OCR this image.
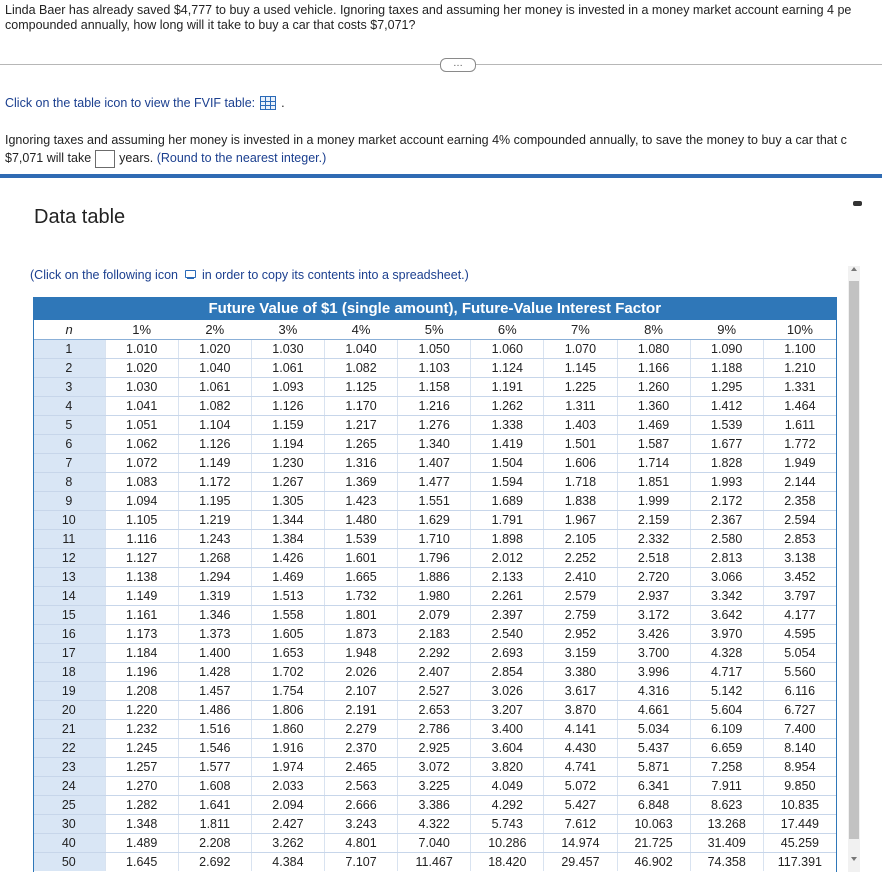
Linda Baer has already saved $4,777 to buy a used vehicle. Ignoring taxes and assuming her money is invested in a money market account earning 4 pe
compounded annually, how long will it take to buy a car that costs $7,071?
…
Click on the table icon to view the FVIF table: .
Ignoring taxes and assuming her money is invested in a money market account earning 4% compounded annually, to save the money to buy a car that c
$7,071 will take years. (Round to the nearest integer.)
Data table
(Click on the following icon in order to copy its contents into a spreadsheet.)
Future Value of $1 (single amount), Future-Value Interest Factor										
n	1%	2%	3%	4%	5%	6%	7%	8%	9%	10%
1	1.010	1.020	1.030	1.040	1.050	1.060	1.070	1.080	1.090	1.100
2	1.020	1.040	1.061	1.082	1.103	1.124	1.145	1.166	1.188	1.210
3	1.030	1.061	1.093	1.125	1.158	1.191	1.225	1.260	1.295	1.331
4	1.041	1.082	1.126	1.170	1.216	1.262	1.311	1.360	1.412	1.464
5	1.051	1.104	1.159	1.217	1.276	1.338	1.403	1.469	1.539	1.611
6	1.062	1.126	1.194	1.265	1.340	1.419	1.501	1.587	1.677	1.772
7	1.072	1.149	1.230	1.316	1.407	1.504	1.606	1.714	1.828	1.949
8	1.083	1.172	1.267	1.369	1.477	1.594	1.718	1.851	1.993	2.144
9	1.094	1.195	1.305	1.423	1.551	1.689	1.838	1.999	2.172	2.358
10	1.105	1.219	1.344	1.480	1.629	1.791	1.967	2.159	2.367	2.594
11	1.116	1.243	1.384	1.539	1.710	1.898	2.105	2.332	2.580	2.853
12	1.127	1.268	1.426	1.601	1.796	2.012	2.252	2.518	2.813	3.138
13	1.138	1.294	1.469	1.665	1.886	2.133	2.410	2.720	3.066	3.452
14	1.149	1.319	1.513	1.732	1.980	2.261	2.579	2.937	3.342	3.797
15	1.161	1.346	1.558	1.801	2.079	2.397	2.759	3.172	3.642	4.177
16	1.173	1.373	1.605	1.873	2.183	2.540	2.952	3.426	3.970	4.595
17	1.184	1.400	1.653	1.948	2.292	2.693	3.159	3.700	4.328	5.054
18	1.196	1.428	1.702	2.026	2.407	2.854	3.380	3.996	4.717	5.560
19	1.208	1.457	1.754	2.107	2.527	3.026	3.617	4.316	5.142	6.116
20	1.220	1.486	1.806	2.191	2.653	3.207	3.870	4.661	5.604	6.727
21	1.232	1.516	1.860	2.279	2.786	3.400	4.141	5.034	6.109	7.400
22	1.245	1.546	1.916	2.370	2.925	3.604	4.430	5.437	6.659	8.140
23	1.257	1.577	1.974	2.465	3.072	3.820	4.741	5.871	7.258	8.954
24	1.270	1.608	2.033	2.563	3.225	4.049	5.072	6.341	7.911	9.850
25	1.282	1.641	2.094	2.666	3.386	4.292	5.427	6.848	8.623	10.835
30	1.348	1.811	2.427	3.243	4.322	5.743	7.612	10.063	13.268	17.449
40	1.489	2.208	3.262	4.801	7.040	10.286	14.974	21.725	31.409	45.259
50	1.645	2.692	4.384	7.107	11.467	18.420	29.457	46.902	74.358	117.391
